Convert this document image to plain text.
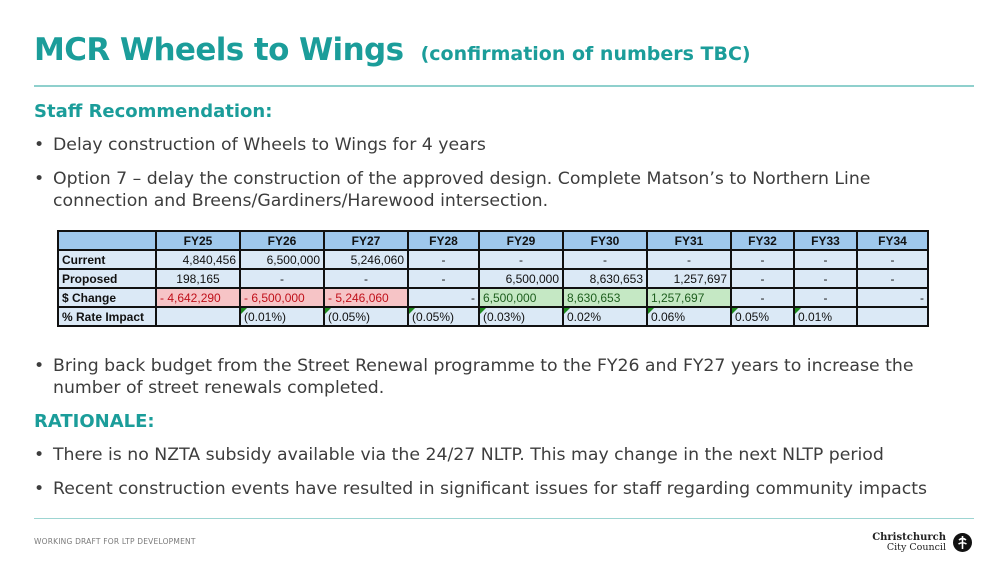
MCR Wheels to Wings (confirmation of numbers TBC)
Staff Recommendation:
• Delay construction of Wheels to Wings for 4 years
• Option 7 – delay the construction of the approved design. Complete Matson’s to Northern Line
connection and Breens/Gardiners/Harewood intersection.
	FY25	FY26	FY27	FY28	FY29	FY30	FY31	FY32	FY33	FY34
Current	4,840,456	6,500,000	5,246,060	-	-	-	-	-	-	-
Proposed	198,165	-	-	-	6,500,000	8,630,653	1,257,697	-	-	-
$ Change	- 4,642,290	- 6,500,000	- 5,246,060	-	6,500,000	8,630,653	1,257,697	-	-	-
% Rate Impact		(0.01%)	(0.05%)	(0.05%)	(0.03%)	0.02%	0.06%	0.05%	0.01%	
• Bring back budget from the Street Renewal programme to the FY26 and FY27 years to increase the
number of street renewals completed.
RATIONALE:
• There is no NZTA subsidy available via the 24/27 NLTP. This may change in the next NLTP period
• Recent construction events have resulted in significant issues for staff regarding community impacts
WORKING DRAFT FOR LTP DEVELOPMENT	Christchurch
City Council
